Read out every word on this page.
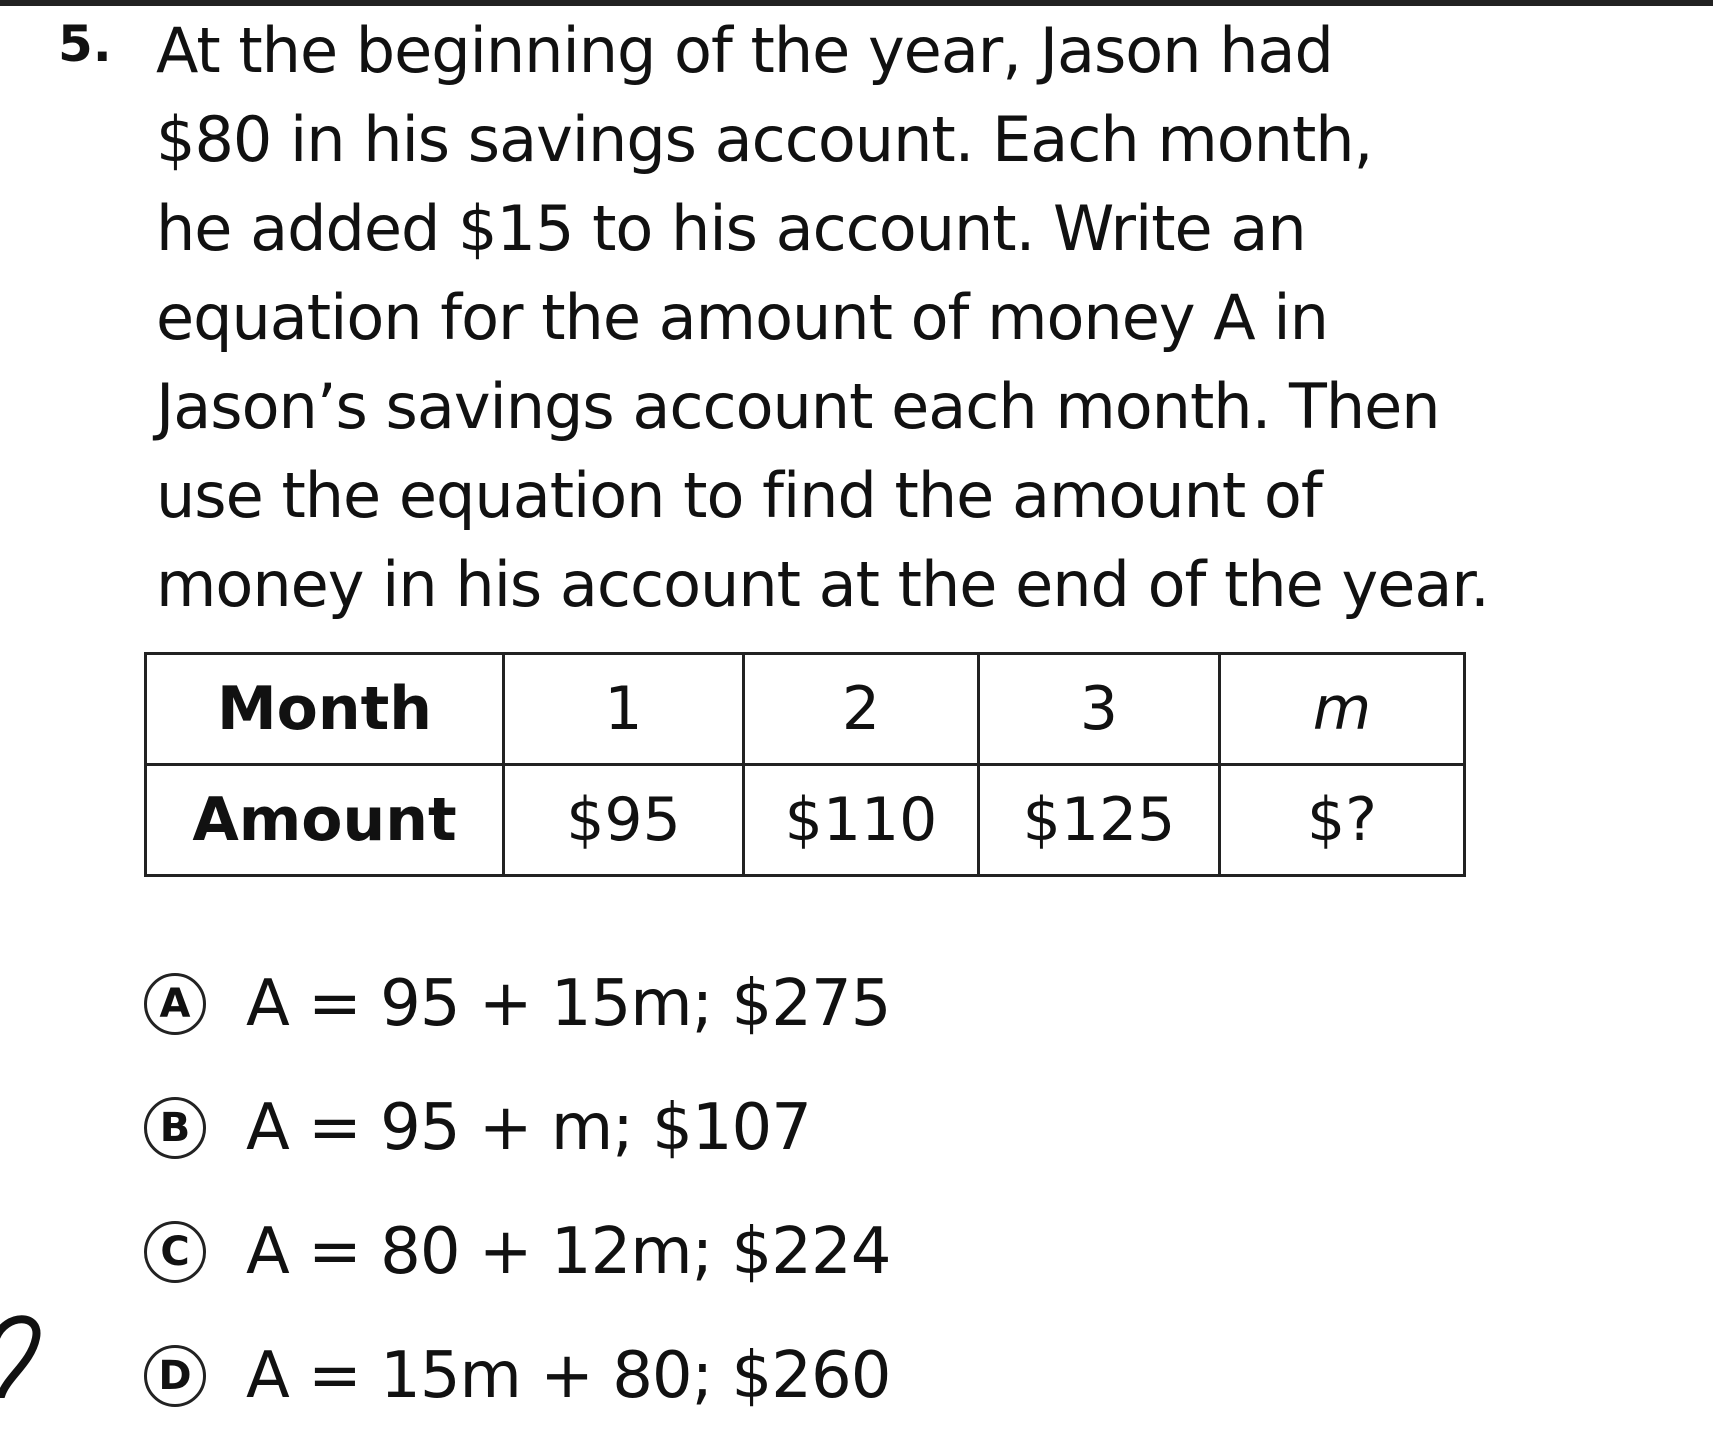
5. At the beginning of the year, Jason had
$80 in his savings account. Each month,
he added $15 to his account. Write an
equation for the amount of money A in
Jason’s savings account each month. Then
use the equation to find the amount of
money in his account at the end of the year.
Month	1	2	3	m
Amount	$95	$110	$125	$?
A A = 95 + 15m; $275
B A = 95 + m; $107
C A = 80 + 12m; $224
D A = 15m + 80; $260
